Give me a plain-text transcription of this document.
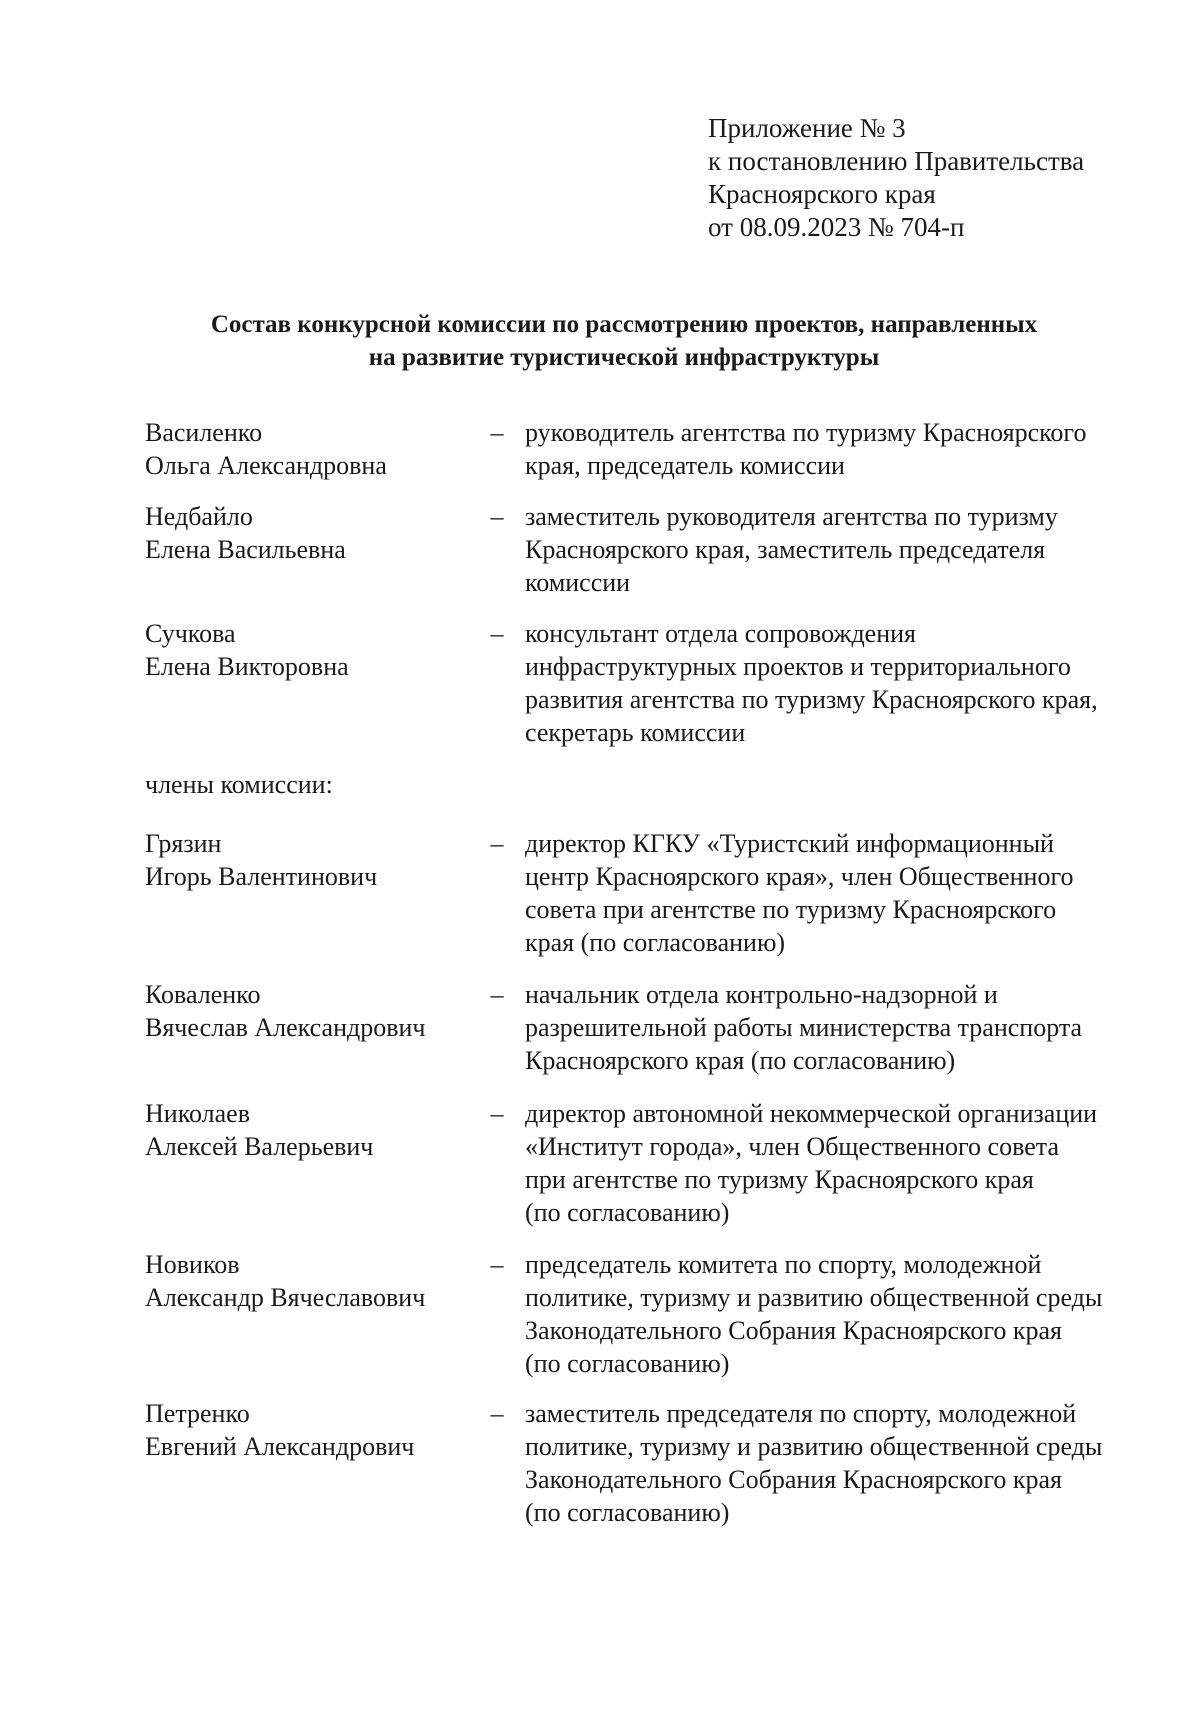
Приложение № 3
к постановлению Правительства
Красноярского края
от 08.09.2023 № 704-п
Состав конкурсной комиссии по рассмотрению проектов, направленных
на развитие туристической инфраструктуры
Василенко
Ольга Александровна
– руководитель агентства по туризму Красноярского
края, председатель комиссии
Недбайло
Елена Васильевна
– заместитель руководителя агентства по туризму
Красноярского края, заместитель председателя
комиссии
Сучкова
Елена Викторовна
– консультант отдела сопровождения
инфраструктурных проектов и территориального
развития агентства по туризму Красноярского края,
секретарь комиссии
члены комиссии:
Грязин
Игорь Валентинович
– директор КГКУ «Туристский информационный
центр Красноярского края», член Общественного
совета при агентстве по туризму Красноярского
края (по согласованию)
Коваленко
Вячеслав Александрович
– начальник отдела контрольно-надзорной и
разрешительной работы министерства транспорта
Красноярского края (по согласованию)
Николаев
Алексей Валерьевич
– директор автономной некоммерческой организации
«Институт города», член Общественного совета
при агентстве по туризму Красноярского края
(по согласованию)
Новиков
Александр Вячеславович
– председатель комитета по спорту, молодежной
политике, туризму и развитию общественной среды
Законодательного Собрания Красноярского края
(по согласованию)
Петренко
Евгений Александрович
– заместитель председателя по спорту, молодежной
политике, туризму и развитию общественной среды
Законодательного Собрания Красноярского края
(по согласованию)
